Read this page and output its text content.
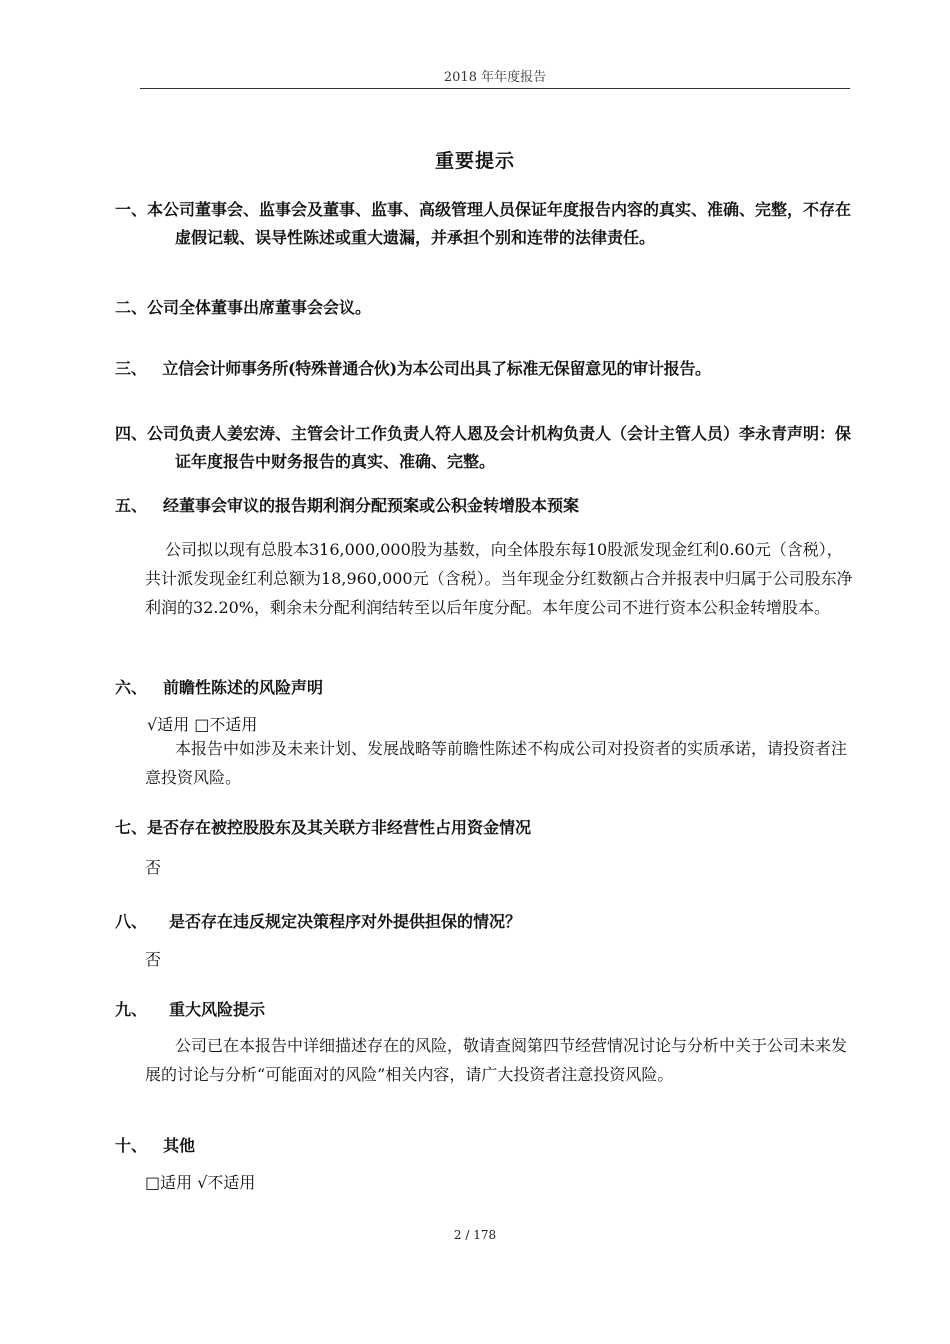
2018 年年度报告
重要提示
一、本公司董事会、监事会及董事、监事、高级管理人员保证年度报告内容的真实、准确、完整，不存在虚假记载、误导性陈述或重大遗漏，并承担个别和连带的法律责任。
二、公司全体董事出席董事会会议。
三、 立信会计师事务所(特殊普通合伙)为本公司出具了标准无保留意见的审计报告。
四、公司负责人姜宏涛、主管会计工作负责人符人恩及会计机构负责人（会计主管人员）李永青声明：保证年度报告中财务报告的真实、准确、完整。
五、 经董事会审议的报告期利润分配预案或公积金转增股本预案
公司拟以现有总股本316,000,000股为基数，向全体股东每10股派发现金红利0.60元（含税），共计派发现金红利总额为18,960,000元（含税）。当年现金分红数额占合并报表中归属于公司股东净利润的32.20%，剩余未分配利润结转至以后年度分配。本年度公司不进行资本公积金转增股本。
六、 前瞻性陈述的风险声明
√适用 □不适用
本报告中如涉及未来计划、发展战略等前瞻性陈述不构成公司对投资者的实质承诺，请投资者注意投资风险。
七、是否存在被控股股东及其关联方非经营性占用资金情况
否
八、 是否存在违反规定决策程序对外提供担保的情况？
否
九、 重大风险提示
公司已在本报告中详细描述存在的风险，敬请查阅第四节经营情况讨论与分析中关于公司未来发展的讨论与分析“可能面对的风险”相关内容，请广大投资者注意投资风险。
十、 其他
□适用 √不适用
2 / 178
